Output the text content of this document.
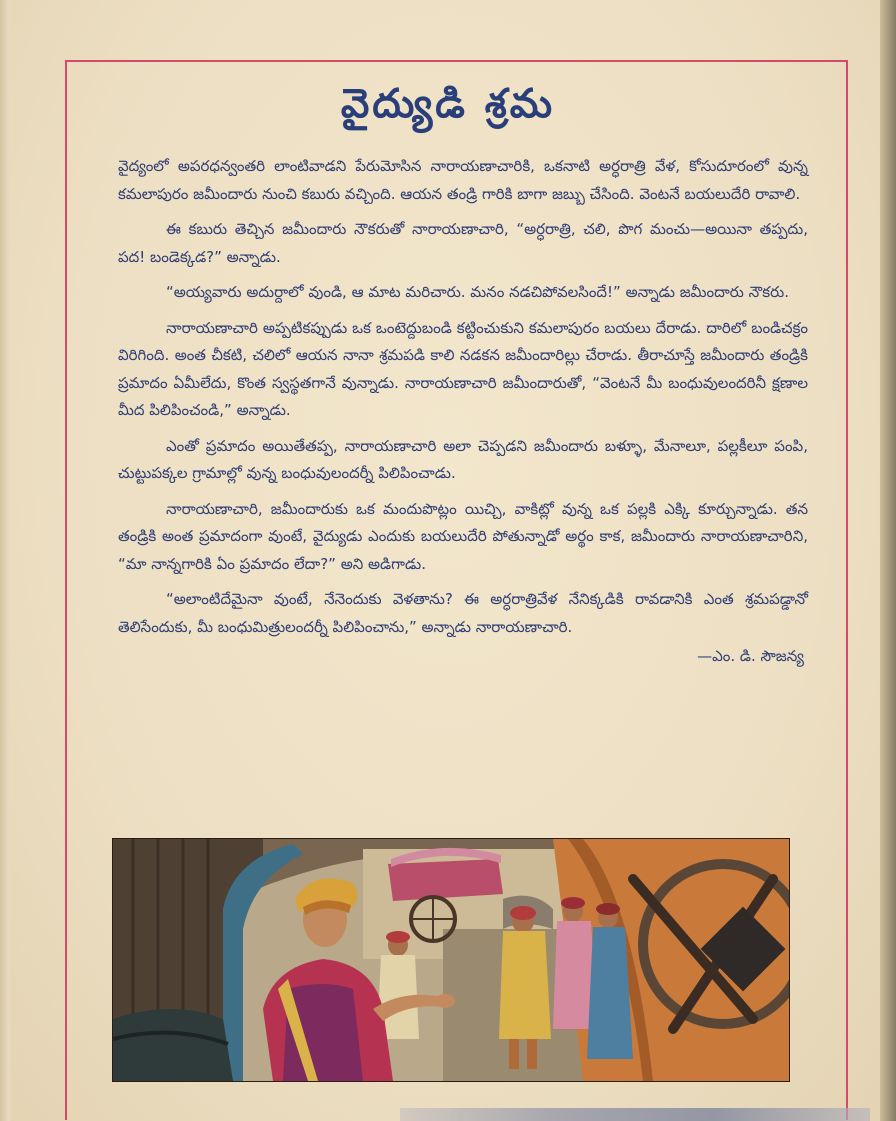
వైద్యుడి శ్రమ

వైద్యంలో అపరధన్వంతరి లాంటివాడని పేరుమోసిన నారాయణాచారికి, ఒకనాటి అర్ధరాత్రి వేళ, కోసుదూరంలో వున్న కమలాపురం జమీందారు నుంచి కబురు వచ్చింది. ఆయన తండ్రి గారికి బాగా జబ్బు చేసింది. వెంటనే బయలుదేరి రావాలి.

ఈ కబురు తెచ్చిన జమీందారు నౌకరుతో నారాయణాచారి, “అర్ధరాత్రి, చలి, పొగ మంచు—అయినా తప్పదు, పద! బండెక్కడ?” అన్నాడు.

“అయ్యవారు అదుర్దాలో వుండి, ఆ మాట మరిచారు. మనం నడచిపోవలసిందే!” అన్నాడు జమీందారు నౌకరు.

నారాయణాచారి అప్పటికప్పుడు ఒక ఒంటెద్దుబండి కట్టించుకుని కమలాపురం బయలు దేరాడు. దారిలో బండిచక్రం విరిగింది. అంత చీకటి, చలిలో ఆయన నానా శ్రమపడి కాలి నడకన జమీందారిల్లు చేరాడు. తీరాచూస్తే జమీందారు తండ్రికి ప్రమాదం ఏమీలేదు, కొంత స్వస్థతగానే వున్నాడు. నారాయణాచారి జమీందారుతో, “వెంటనే మీ బంధువులందరినీ క్షణాల మీద పిలిపించండి,” అన్నాడు.

ఎంతో ప్రమాదం అయితేతప్ప, నారాయణాచారి అలా చెప్పడని జమీందారు బళ్ళూ, మేనాలూ, పల్లకీలూ పంపి, చుట్టుపక్కల గ్రామాల్లో వున్న బంధువులందర్నీ పిలిపించాడు.

నారాయణాచారి, జమీందారుకు ఒక మందుపొట్లం యిచ్చి, వాకిట్లో వున్న ఒక పల్లకి ఎక్కి కూర్చున్నాడు. తన తండ్రికి అంత ప్రమాదంగా వుంటే, వైద్యుడు ఎందుకు బయలుదేరి పోతున్నాడో అర్థం కాక, జమీందారు నారాయణాచారిని, “మా నాన్నగారికి ఏం ప్రమాదం లేదా?” అని అడిగాడు.

“అలాంటిదేమైనా వుంటే, నేనెందుకు వెళతాను? ఈ అర్ధరాత్రివేళ నేనిక్కడికి రావడానికి ఎంత శ్రమపడ్డానో తెలిసేందుకు, మీ బంధుమిత్రులందర్నీ పిలిపించాను,” అన్నాడు నారాయణాచారి.

—ఎం. డి. సౌజన్య
